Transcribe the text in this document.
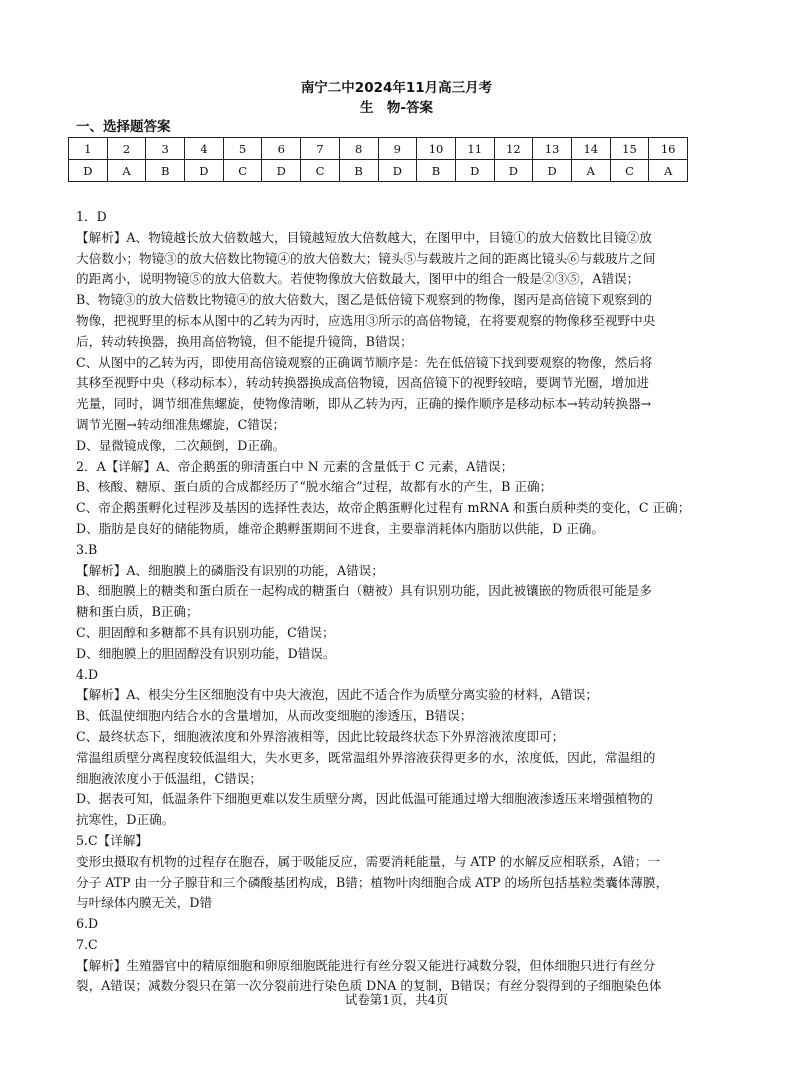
南宁二中2024年11月高三月考
生　物-答案
一、选择题答案
1	2	3	4	5	6	7	8	9	10	11	12	13	14	15	16
D	A	B	D	C	D	C	B	D	B	D	D	D	A	C	A

1．D

【解析】A、物镜越长放大倍数越大，目镜越短放大倍数越大，在图甲中，目镜①的放大倍数比目镜②放

大倍数小；物镜③的放大倍数比物镜④的放大倍数大；镜头⑤与载玻片之间的距离比镜头⑥与载玻片之间

的距离小，说明物镜⑤的放大倍数大。若使物像放大倍数最大，图甲中的组合一般是②③⑤，A错误；

B、物镜③的放大倍数比物镜④的放大倍数大，图乙是低倍镜下观察到的物像，图丙是高倍镜下观察到的

物像，把视野里的标本从图中的乙转为丙时，应选用③所示的高倍物镜，在将要观察的物像移至视野中央

后，转动转换器，换用高倍物镜，但不能提升镜筒，B错误；

C、从图中的乙转为丙，即使用高倍镜观察的正确调节顺序是：先在低倍镜下找到要观察的物像，然后将

其移至视野中央（移动标本），转动转换器换成高倍物镜，因高倍镜下的视野较暗，要调节光圈，增加进

光量，同时，调节细准焦螺旋，使物像清晰，即从乙转为丙，正确的操作顺序是移动标本→转动转换器→

调节光圈→转动细准焦螺旋，C错误；

D、显微镜成像，二次颠倒，D正确。

2．A【详解】A、帝企鹅蛋的卵清蛋白中 N 元素的含量低于 C 元素，A错误；

B、核酸、糖原、蛋白质的合成都经历了“脱水缩合”过程，故都有水的产生，B 正确；

C、帝企鹅蛋孵化过程涉及基因的选择性表达，故帝企鹅蛋孵化过程有 mRNA 和蛋白质种类的变化，C 正确；

D、脂肪是良好的储能物质，雄帝企鹅孵蛋期间不进食，主要靠消耗体内脂肪以供能，D 正确。

3.B

【解析】A、细胞膜上的磷脂没有识别的功能，A错误；

B、细胞膜上的糖类和蛋白质在一起构成的糖蛋白（糖被）具有识别功能，因此被镶嵌的物质很可能是多

糖和蛋白质，B正确；

C、胆固醇和多糖都不具有识别功能，C错误；

D、细胞膜上的胆固醇没有识别功能，D错误。

4.D

【解析】A、根尖分生区细胞没有中央大液泡，因此不适合作为质壁分离实验的材料，A错误；

B、低温使细胞内结合水的含量增加，从而改变细胞的渗透压，B错误；

C、最终状态下，细胞液浓度和外界溶液相等，因此比较最终状态下外界溶液浓度即可；

常温组质壁分离程度较低温组大，失水更多，既常温组外界溶液获得更多的水，浓度低，因此，常温组的

细胞液浓度小于低温组，C错误；

D、据表可知，低温条件下细胞更难以发生质壁分离，因此低温可能通过增大细胞液渗透压来增强植物的

抗寒性，D正确。

5.C【详解】

变形虫摄取有机物的过程存在胞吞，属于吸能反应，需要消耗能量，与 ATP 的水解反应相联系，A错；一

分子 ATP 由一分子腺苷和三个磷酸基团构成，B错；植物叶肉细胞合成 ATP 的场所包括基粒类囊体薄膜，

与叶绿体内膜无关，D错

6.D

7.C

【解析】生殖器官中的精原细胞和卵原细胞既能进行有丝分裂又能进行减数分裂，但体细胞只进行有丝分

裂，A错误；减数分裂只在第一次分裂前进行染色质 DNA 的复制，B错误；有丝分裂得到的子细胞染色体

试卷第1页，共4页
